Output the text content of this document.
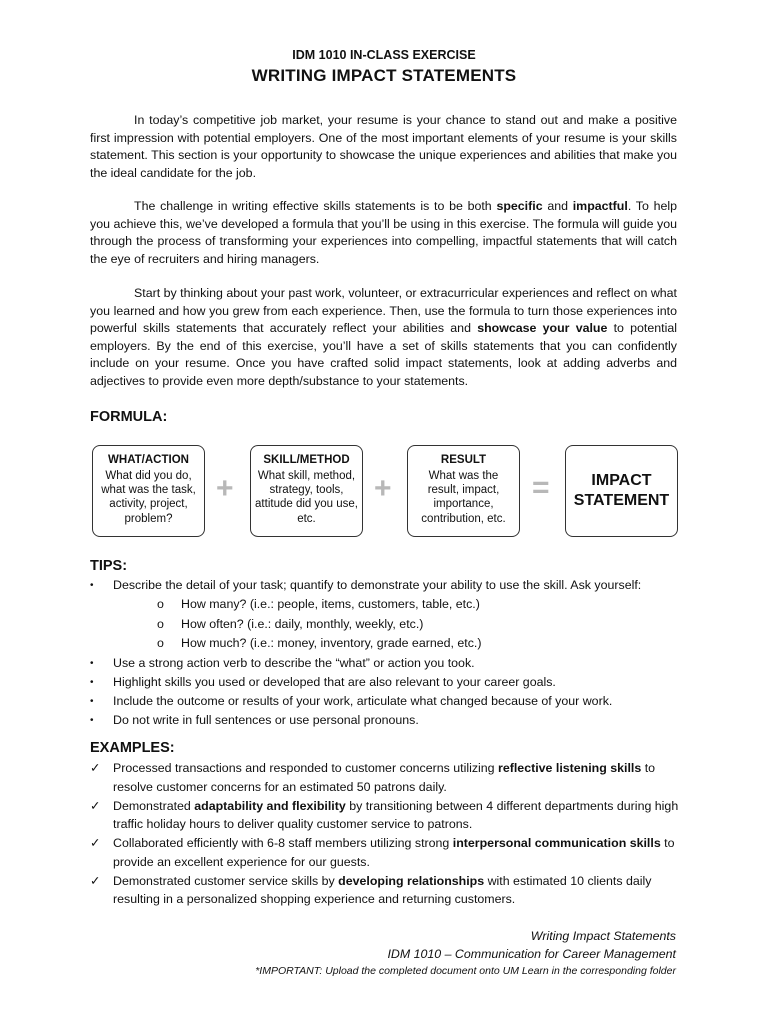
IDM 1010 IN-CLASS EXERCISE
WRITING IMPACT STATEMENTS

In today’s competitive job market, your resume is your chance to stand out and make a positive first impression with potential employers. One of the most important elements of your resume is your skills statement. This section is your opportunity to showcase the unique experiences and abilities that make you the ideal candidate for the job.

The challenge in writing effective skills statements is to be both specific and impactful. To help you achieve this, we’ve developed a formula that you’ll be using in this exercise. The formula will guide you through the process of transforming your experiences into compelling, impactful statements that will catch the eye of recruiters and hiring managers.

Start by thinking about your past work, volunteer, or extracurricular experiences and reflect on what you learned and how you grew from each experience. Then, use the formula to turn those experiences into powerful skills statements that accurately reflect your abilities and showcase your value to potential employers. By the end of this exercise, you’ll have a set of skills statements that you can confidently include on your resume. Once you have crafted solid impact statements, look at adding adverbs and adjectives to provide even more depth/substance to your statements.

FORMULA:
WHAT/ACTION
What did you do, what was the task, activity, project, problem?
+
SKILL/METHOD
What skill, method, strategy, tools, attitude did you use, etc.
+
RESULT
What was the result, impact, importance, contribution, etc.
=	IMPACT
STATEMENT
TIPS:
• Describe the detail of your task; quantify to demonstrate your ability to use the skill. Ask yourself:
o How many? (i.e.: people, items, customers, table, etc.)
o How often? (i.e.: daily, monthly, weekly, etc.)
o How much? (i.e.: money, inventory, grade earned, etc.)
• Use a strong action verb to describe the “what” or action you took.
• Highlight skills you used or developed that are also relevant to your career goals.
• Include the outcome or results of your work, articulate what changed because of your work.
• Do not write in full sentences or use personal pronouns.
EXAMPLES:
✓ Processed transactions and responded to customer concerns utilizing reflective listening skills to resolve customer concerns for an estimated 50 patrons daily.
✓ Demonstrated adaptability and flexibility by transitioning between 4 different departments during high traffic holiday hours to deliver quality customer service to patrons.
✓ Collaborated efficiently with 6-8 staff members utilizing strong interpersonal communication skills to provide an excellent experience for our guests.
✓ Demonstrated customer service skills by developing relationships with estimated 10 clients daily resulting in a personalized shopping experience and returning customers.
Writing Impact Statements
IDM 1010 – Communication for Career Management
*IMPORTANT: Upload the completed document onto UM Learn in the corresponding folder
